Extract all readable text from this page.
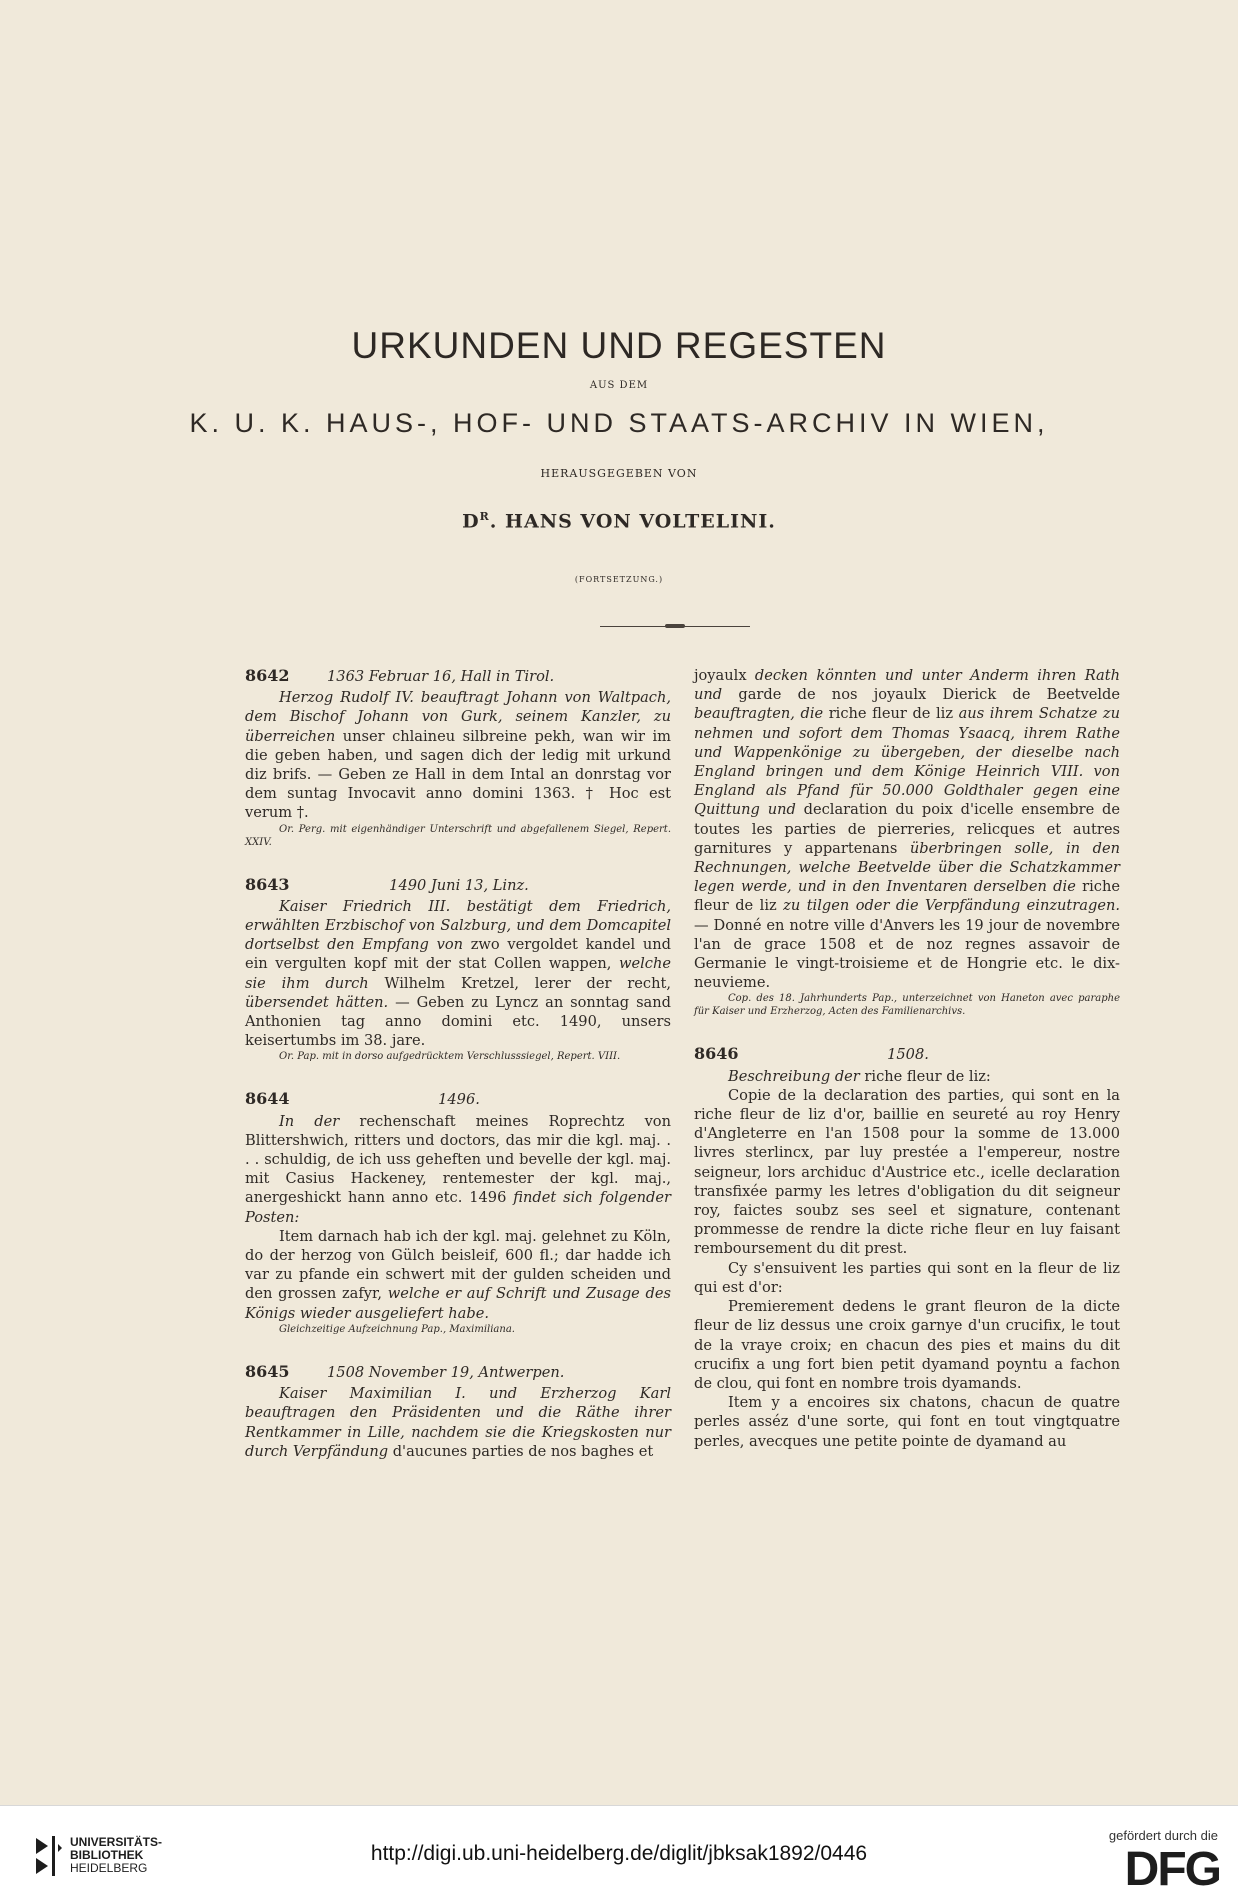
URKUNDEN UND REGESTEN
AUS DEM
K. U. K. HAUS-, HOF- UND STAATS-ARCHIV IN WIEN,
HERAUSGEGEBEN VON
$D^R$. HANS VON VOLTELINI.
(FORTSETZUNG.)
8642	1363 Februar 16, Hall in Tirol.

Herzog Rudolf IV. beauftragt Johann von Waltpach, dem Bischof Johann von Gurk, seinem Kanzler, zu überreichen unser chlaineu silbreine pekh, wan wir im die geben haben, und sagen dich der ledig mit urkund diz brifs. — Geben ze Hall in dem Intal an donrstag vor dem suntag Invocavit anno domini 1363. † Hoc est verum †.

Or. Perg. mit eigenhändiger Unterschrift und abgefallenem Siegel, Repert. XXIV.

8643	1490 Juni 13, Linz.

Kaiser Friedrich III. bestätigt dem Friedrich, erwählten Erzbischof von Salzburg, und dem Domcapitel dortselbst den Empfang von zwo vergoldet kandel und ein vergulten kopf mit der stat Collen wappen, welche sie ihm durch Wilhelm Kretzel, lerer der recht, übersendet hätten. — Geben zu Lyncz an sonntag sand Anthonien tag anno domini etc. 1490, unsers keisertumbs im 38. jare.

Or. Pap. mit in dorso aufgedrücktem Verschlusssiegel, Repert. VIII.

8644	1496.

In der rechenschaft meines Roprechtz von Blittershwich, ritters und doctors, das mir die kgl. maj. . . . schuldig, de ich uss geheften und bevelle der kgl. maj. mit Casius Hackeney, rentemester der kgl. maj., anergeshickt hann anno etc. 1496 findet sich folgender Posten:

Item darnach hab ich der kgl. maj. gelehnet zu Köln, do der herzog von Gülch beisleif, 600 fl.; dar hadde ich var zu pfande ein schwert mit der gulden scheiden und den grossen zafyr, welche er auf Schrift und Zusage des Königs wieder ausgeliefert habe.

Gleichzeitige Aufzeichnung Pap., Maximiliana.

8645	1508 November 19, Antwerpen.

Kaiser Maximilian I. und Erzherzog Karl beauftragen den Präsidenten und die Räthe ihrer Rentkammer in Lille, nachdem sie die Kriegskosten nur durch Verpfändung d'aucunes parties de nos baghes et

joyaulx decken könnten und unter Anderm ihren Rath und garde de nos joyaulx Dierick de Beetvelde beauftragten, die riche fleur de liz aus ihrem Schatze zu nehmen und sofort dem Thomas Ysaacq, ihrem Rathe und Wappenkönige zu übergeben, der dieselbe nach England bringen und dem Könige Heinrich VIII. von England als Pfand für 50.000 Goldthaler gegen eine Quittung und declaration du poix d'icelle ensembre de toutes les parties de pierreries, relicques et autres garnitures y appartenans überbringen solle, in den Rechnungen, welche Beetvelde über die Schatzkammer legen werde, und in den Inventaren derselben die riche fleur de liz zu tilgen oder die Verpfändung einzutragen. — Donné en notre ville d'Anvers les 19 jour de novembre l'an de grace 1508 et de noz regnes assavoir de Germanie le vingt-troisieme et de Hongrie etc. le dix-neuvieme.

Cop. des 18. Jahrhunderts Pap., unterzeichnet von Haneton avec paraphe für Kaiser und Erzherzog, Acten des Familienarchivs.

8646	1508.

Beschreibung der riche fleur de liz:

Copie de la declaration des parties, qui sont en la riche fleur de liz d'or, baillie en seureté au roy Henry d'Angleterre en l'an 1508 pour la somme de 13.000 livres sterlincx, par luy prestée a l'empereur, nostre seigneur, lors archiduc d'Austrice etc., icelle declaration transfixée parmy les letres d'obligation du dit seigneur roy, faictes soubz ses seel et signature, contenant prommesse de rendre la dicte riche fleur en luy faisant remboursement du dit prest.

Cy s'ensuivent les parties qui sont en la fleur de liz qui est d'or:

Premierement dedens le grant fleuron de la dicte fleur de liz dessus une croix garnye d'un crucifix, le tout de la vraye croix; en chacun des pies et mains du dit crucifix a ung fort bien petit dyamand poyntu a fachon de clou, qui font en nombre trois dyamands.

Item y a encoires six chatons, chacun de quatre perles asséz d'une sorte, qui font en tout vingtquatre perles, avecques une petite pointe de dyamand au

UNIVERSITÄTS-
BIBLIOTHEK
HEIDELBERG
http://digi.ub.uni-heidelberg.de/diglit/jbksak1892/0446
gefördert durch die
DFG
